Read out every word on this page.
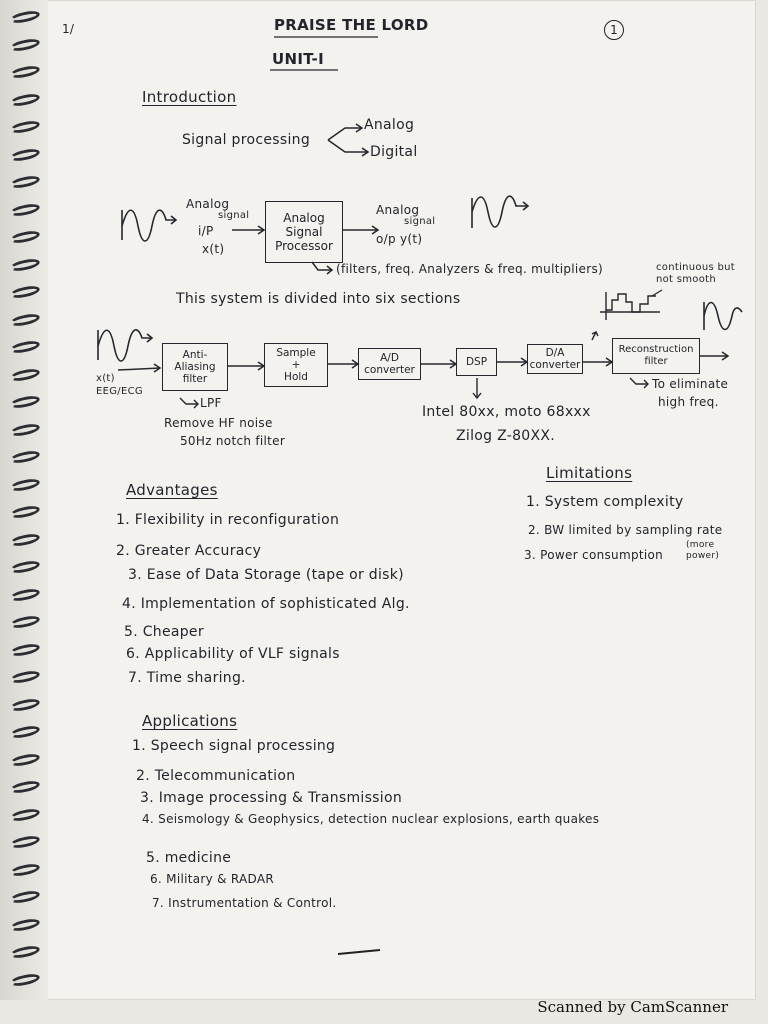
1/	PRAISE THE LORD	1
UNIT-I
Introduction
Signal processing
Analog
Digital
Analog
signal
i/P
x(t)
Analog
Signal
Processor
Analog
signal
o/p y(t)
(filters, freq. Analyzers & freq. multipliers)
This system is divided into six sections
x(t)
EEG/ECG
continuous but not smooth
Anti-
Aliasing
filter
Sample
+
Hold
A/D
converter
DSP
D/A
converter
Reconstruction
filter
LPF
Remove HF noise
50Hz notch filter
Intel 80xx, moto 68xxx
Zilog Z-80XX.
To eliminate
high freq.
Advantages
1. Flexibility in reconfiguration
2. Greater Accuracy
3. Ease of Data Storage (tape or disk)
4. Implementation of sophisticated Alg.
5. Cheaper
6. Applicability of VLF signals
7. Time sharing.
Limitations
1. System complexity
2. BW limited by sampling rate
3. Power consumption
(more power)
Applications
1. Speech signal processing
2. Telecommunication
3. Image processing & Transmission
4. Seismology & Geophysics, detection nuclear explosions, earth quakes
5. medicine
6. Military & RADAR
7. Instrumentation & Control.
Scanned by CamScanner
